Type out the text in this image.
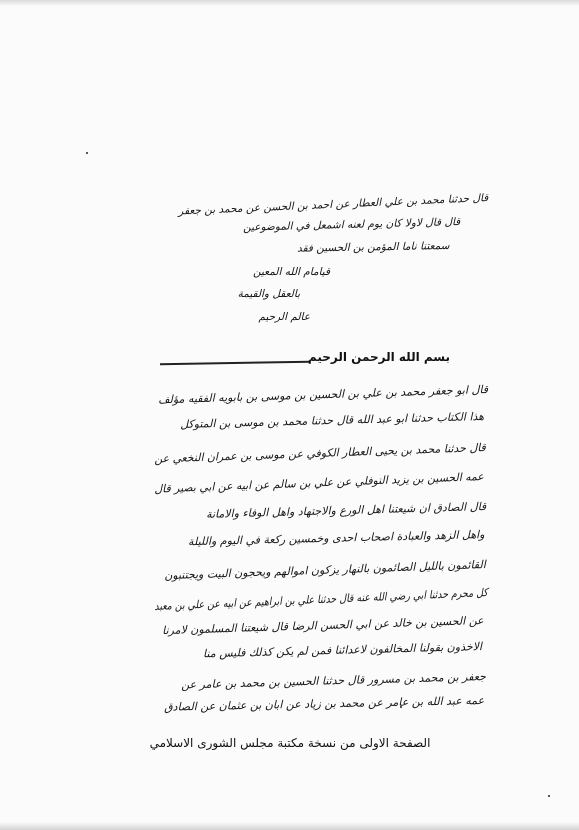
قال حدثنا محمد بن علي العطار عن احمد بن الحسن عن محمد بن جعفر
قال قال لاولا كان يوم لعنه اشمعل في الموضوعين
سمعتنا ناما المؤمن بن الحسين فقد
قيامام الله المعين
بالعقل والقيمة
عالم الرحيم
بسم الله الرحمن الرحيم
قال ابو جعفر محمد بن علي بن الحسين بن موسى بن بابويه الفقيه مؤلف
هذا الكتاب حدثنا ابو عبد الله قال حدثنا محمد بن موسى بن المتوكل
قال حدثنا محمد بن يحيى العطار الكوفي عن موسى بن عمران النخعي عن
عمه الحسين بن يزيد النوفلي عن علي بن سالم عن ابيه عن ابي بصير قال
قال الصادق ان شيعتنا اهل الورع والاجتهاد واهل الوفاء والامانة
واهل الزهد والعبادة اصحاب احدى وخمسين ركعة في اليوم والليلة
القائمون بالليل الصائمون بالنهار يزكون اموالهم ويحجون البيت ويجتنبون
كل محرم حدثنا ابي رضي الله عنه قال حدثنا علي بن ابراهيم عن ابيه عن علي بن معبد
عن الحسين بن خالد عن ابي الحسن الرضا قال شيعتنا المسلمون لامرنا
الاخذون بقولنا المخالفون لاعدائنا فمن لم يكن كذلك فليس منا
جعفر بن محمد بن مسرور قال حدثنا الحسين بن محمد بن عامر عن
عمه عبد الله بن عامر عن محمد بن زياد عن ابان بن عثمان عن الصادق
الصفحة الاولى من نسخة مكتبة مجلس الشورى الاسلامي
